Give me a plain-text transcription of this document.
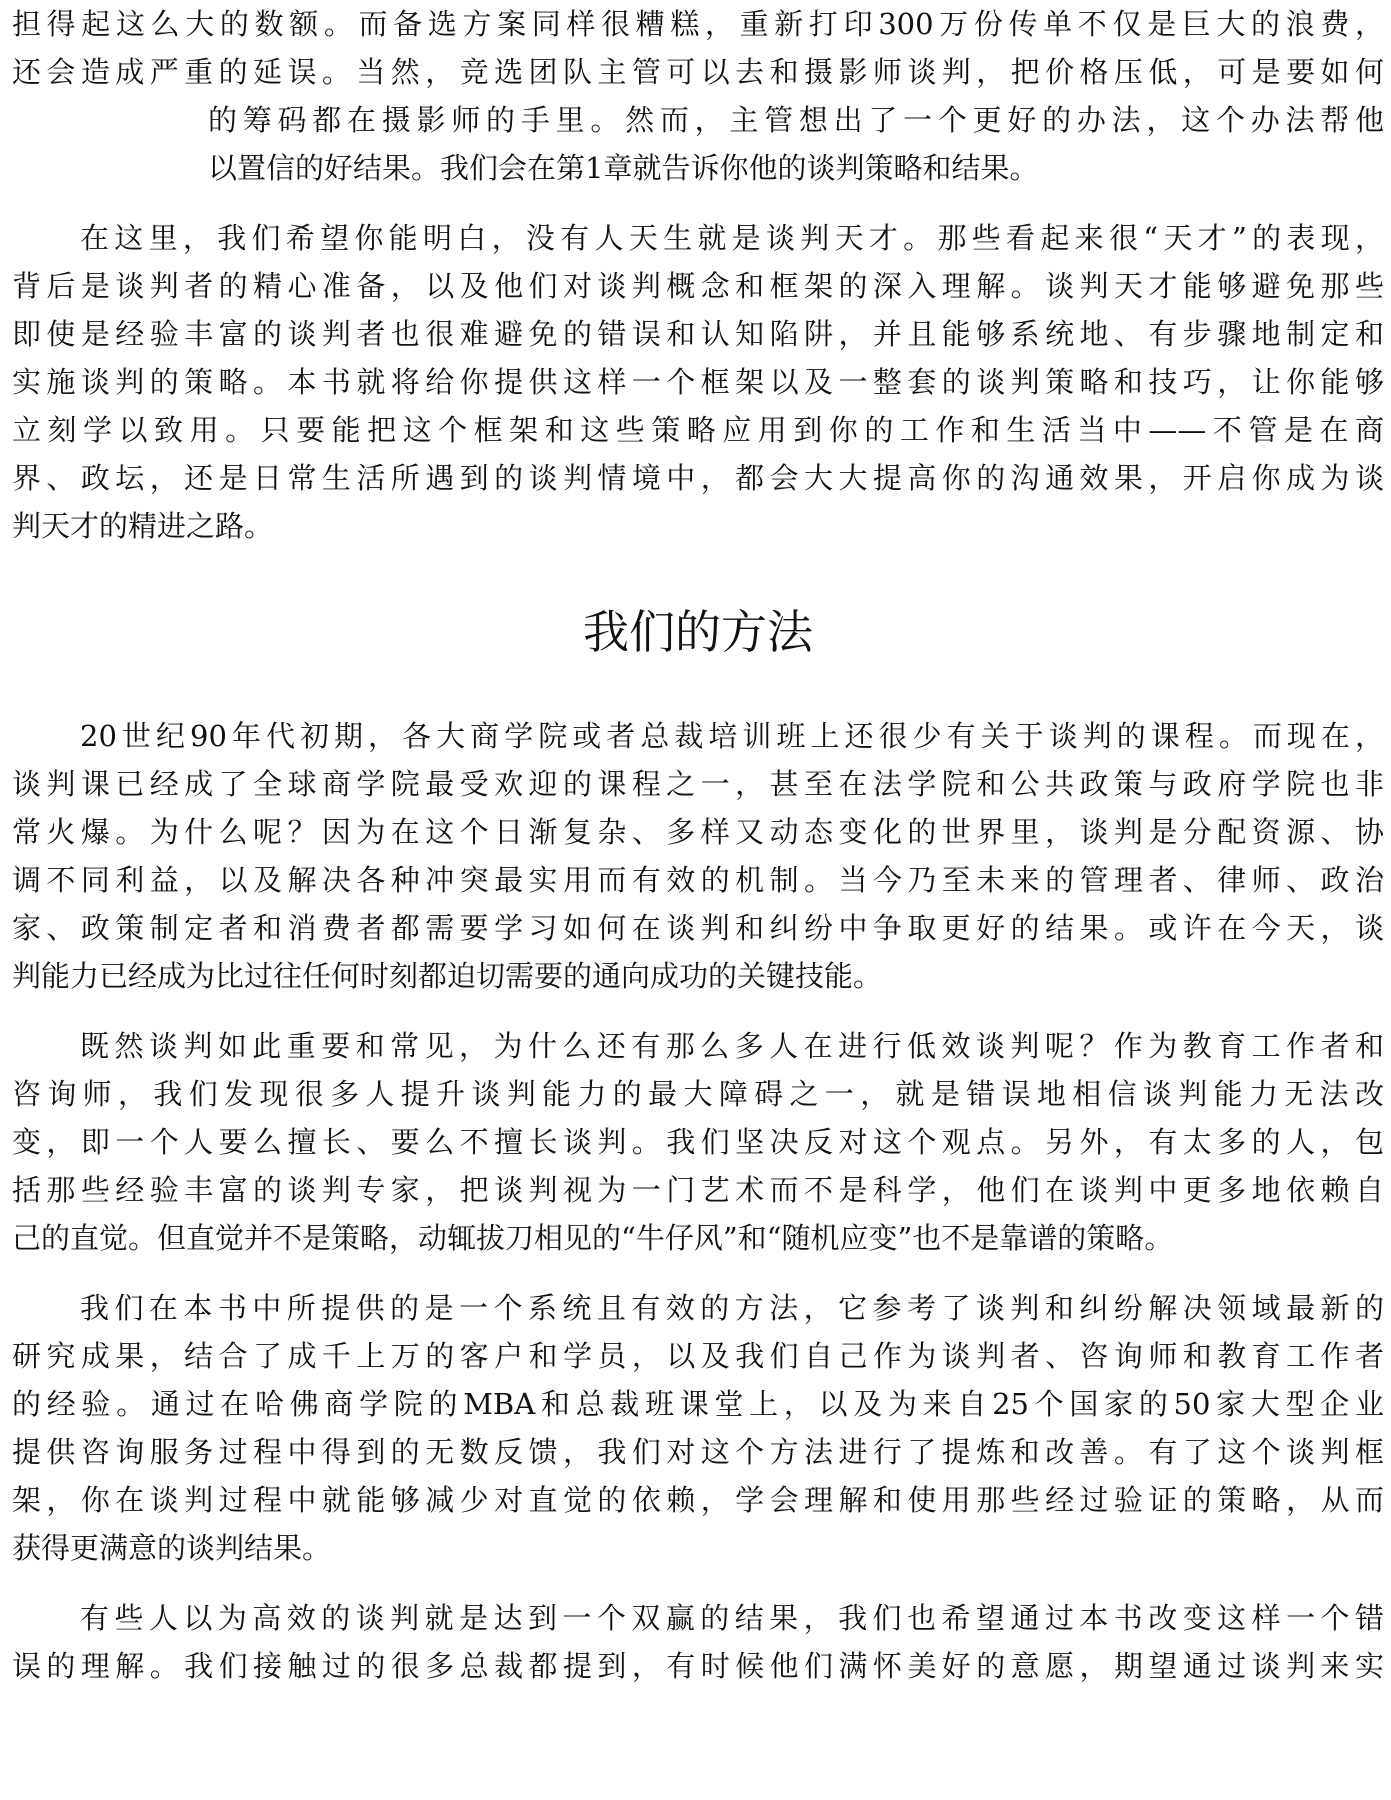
担得起这么大的数额。而备选方案同样很糟糕，重新打印300万份传单不仅是巨大的浪费，
还会造成严重的延误。当然，竞选团队主管可以去和摄影师谈判，把价格压低，可是要如何
的筹码都在摄影师的手里。然而，主管想出了一个更好的办法，这个办法帮他
以置信的好结果。我们会在第1章就告诉你他的谈判策略和结果。
在这里，我们希望你能明白，没有人天生就是谈判天才。那些看起来很“天才”的表现，
背后是谈判者的精心准备，以及他们对谈判概念和框架的深入理解。谈判天才能够避免那些
即使是经验丰富的谈判者也很难避免的错误和认知陷阱，并且能够系统地、有步骤地制定和
实施谈判的策略。本书就将给你提供这样一个框架以及一整套的谈判策略和技巧，让你能够
立刻学以致用。只要能把这个框架和这些策略应用到你的工作和生活当中——不管是在商
界、政坛，还是日常生活所遇到的谈判情境中，都会大大提高你的沟通效果，开启你成为谈
判天才的精进之路。
我们的方法
20世纪90年代初期，各大商学院或者总裁培训班上还很少有关于谈判的课程。而现在，
谈判课已经成了全球商学院最受欢迎的课程之一，甚至在法学院和公共政策与政府学院也非
常火爆。为什么呢？因为在这个日渐复杂、多样又动态变化的世界里，谈判是分配资源、协
调不同利益，以及解决各种冲突最实用而有效的机制。当今乃至未来的管理者、律师、政治
家、政策制定者和消费者都需要学习如何在谈判和纠纷中争取更好的结果。或许在今天，谈
判能力已经成为比过往任何时刻都迫切需要的通向成功的关键技能。
既然谈判如此重要和常见，为什么还有那么多人在进行低效谈判呢？作为教育工作者和
咨询师，我们发现很多人提升谈判能力的最大障碍之一，就是错误地相信谈判能力无法改
变，即一个人要么擅长、要么不擅长谈判。我们坚决反对这个观点。另外，有太多的人，包
括那些经验丰富的谈判专家，把谈判视为一门艺术而不是科学，他们在谈判中更多地依赖自
己的直觉。但直觉并不是策略，动辄拔刀相见的“牛仔风”和“随机应变”也不是靠谱的策略。
我们在本书中所提供的是一个系统且有效的方法，它参考了谈判和纠纷解决领域最新的
研究成果，结合了成千上万的客户和学员，以及我们自己作为谈判者、咨询师和教育工作者
的经验。通过在哈佛商学院的MBA和总裁班课堂上，以及为来自25个国家的50家大型企业
提供咨询服务过程中得到的无数反馈，我们对这个方法进行了提炼和改善。有了这个谈判框
架，你在谈判过程中就能够减少对直觉的依赖，学会理解和使用那些经过验证的策略，从而
获得更满意的谈判结果。
有些人以为高效的谈判就是达到一个双赢的结果，我们也希望通过本书改变这样一个错
误的理解。我们接触过的很多总裁都提到，有时候他们满怀美好的意愿，期望通过谈判来实
